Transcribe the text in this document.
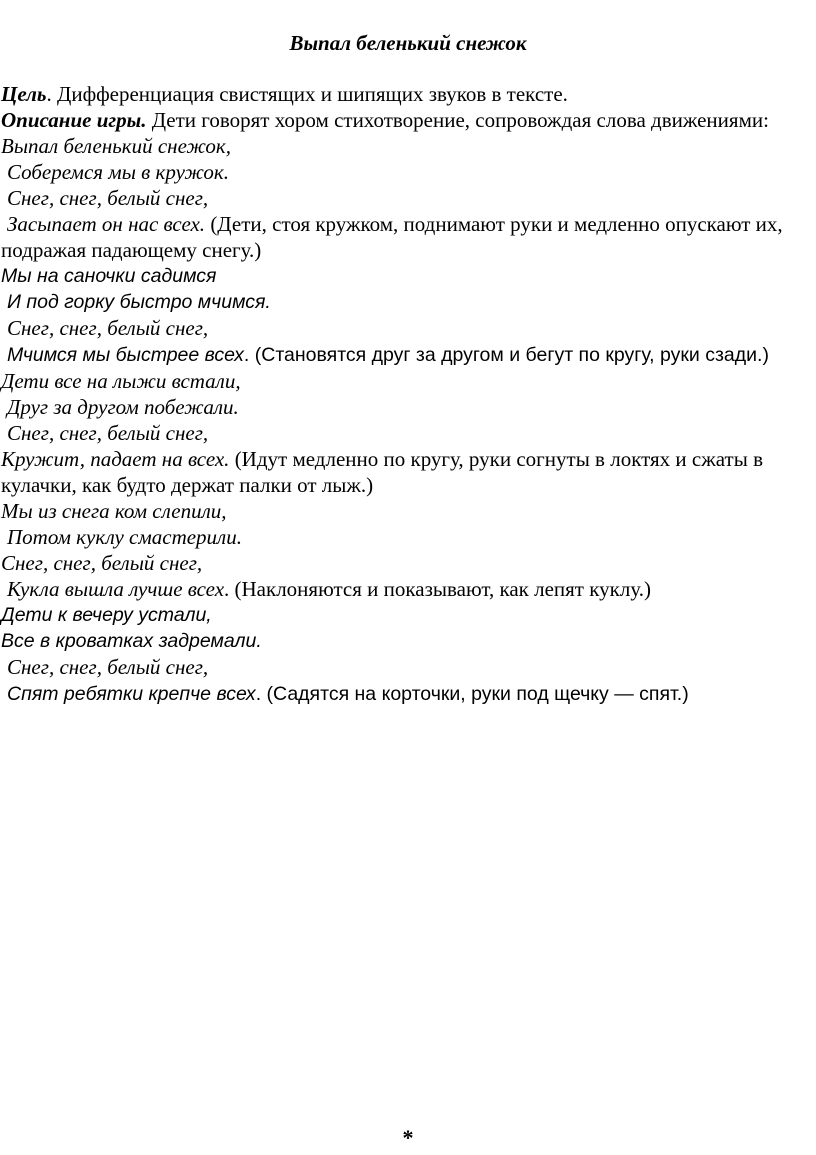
Выпал беленький снежок
Цель. Дифференциация свистящих и шипящих звуков в тексте.
Описание игры. Дети говорят хором стихотворение, сопровождая слова движениями:
Выпал беленький снежок,
Соберемся мы в кружок.
Снег, снег, белый снег,
Засыпает он нас всех. (Дети, стоя кружком, поднимают руки и медленно опускают их, подражая падающему снегу.)
Мы на саночки садимся
И под горку быстро мчимся.
Снег, снег, белый снег,
Мчимся мы быстрее всех. (Становятся друг за другом и бегут по кругу, руки сзади.)
Дети все на лыжи встали,
Друг за другом побежали.
Снег, снег, белый снег,
Кружит, падает на всех. (Идут медленно по кругу, руки согнуты в локтях и сжаты в кулачки, как будто держат палки от лыж.)
Мы из снега ком слепили,
Потом куклу смастерили.
Снег, снег, белый снег,
Кукла вышла лучше всех. (Наклоняются и показывают, как лепят куклу.)
Дети к вечеру устали,
Все в кроватках задремали.
Снег, снег, белый снег,
Спят ребятки крепче всех. (Садятся на корточки, руки под щечку — спят.)
*
